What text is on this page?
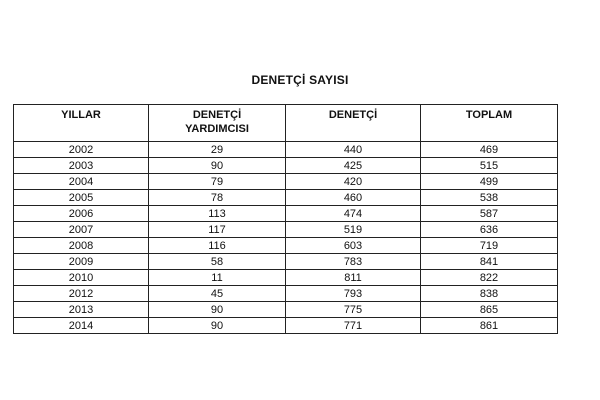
DENETÇİ SAYISI
YILLAR	DENETÇİ YARDIMCISI	DENETÇİ	TOPLAM
2002	29	440	469
2003	90	425	515
2004	79	420	499
2005	78	460	538
2006	113	474	587
2007	117	519	636
2008	116	603	719
2009	58	783	841
2010	11	811	822
2012	45	793	838
2013	90	775	865
2014	90	771	861
